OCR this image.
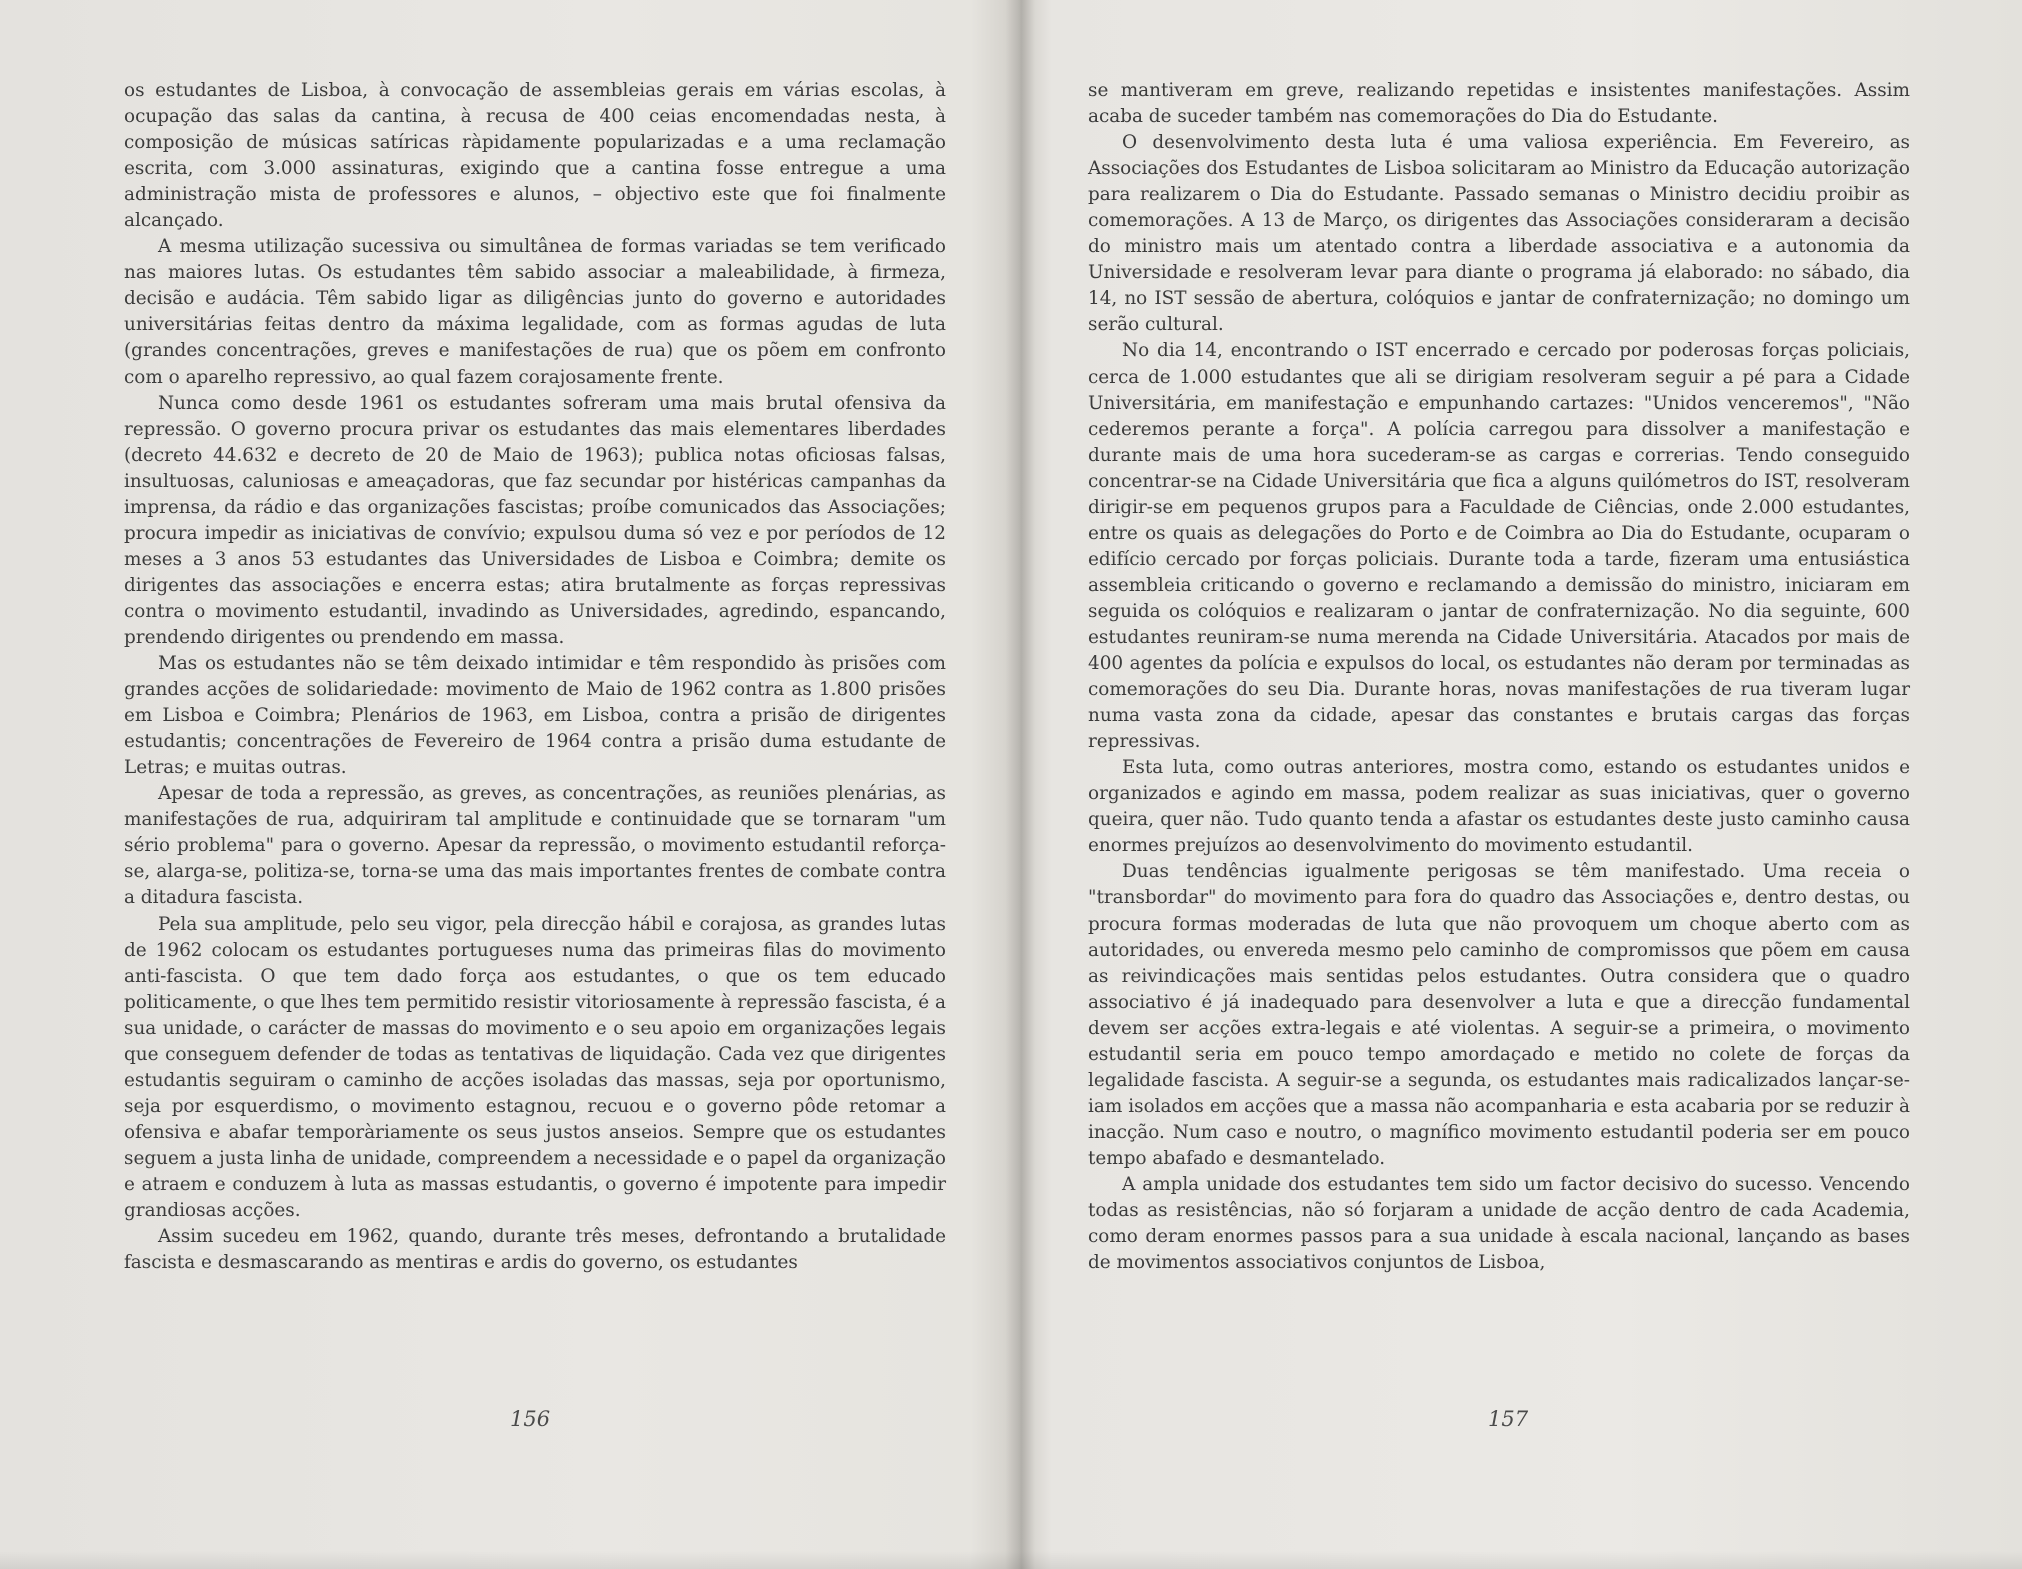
os estudantes de Lisboa, à convocação de assembleias gerais em várias escolas, à ocupação das salas da cantina, à recusa de 400 ceias encomendadas nesta, à composição de músicas satíricas ràpidamente popularizadas e a uma reclamação escrita, com 3.000 assinaturas, exigindo que a cantina fosse entregue a uma administração mista de professores e alunos, – objectivo este que foi finalmente alcançado.

A mesma utilização sucessiva ou simultânea de formas variadas se tem verificado nas maiores lutas. Os estudantes têm sabido associar a maleabilidade, à firmeza, decisão e audácia. Têm sabido ligar as diligências junto do governo e autoridades universitárias feitas dentro da máxima legalidade, com as formas agudas de luta (grandes concentrações, greves e manifestações de rua) que os põem em confronto com o aparelho repressivo, ao qual fazem corajosamente frente.

Nunca como desde 1961 os estudantes sofreram uma mais brutal ofensiva da repressão. O governo procura privar os estudantes das mais elementares liberdades (decreto 44.632 e decreto de 20 de Maio de 1963); publica notas oficiosas falsas, insultuosas, caluniosas e ameaçadoras, que faz secundar por histéricas campanhas da imprensa, da rádio e das organizações fascistas; proíbe comunicados das Associações; procura impedir as iniciativas de convívio; expulsou duma só vez e por períodos de 12 meses a 3 anos 53 estudantes das Universidades de Lisboa e Coimbra; demite os dirigentes das associações e encerra estas; atira brutalmente as forças repressivas contra o movimento estudantil, invadindo as Universidades, agredindo, espancando, prendendo dirigentes ou prendendo em massa.

Mas os estudantes não se têm deixado intimidar e têm respondido às prisões com grandes acções de solidariedade: movimento de Maio de 1962 contra as 1.800 prisões em Lisboa e Coimbra; Plenários de 1963, em Lisboa, contra a prisão de dirigentes estudantis; concentrações de Fevereiro de 1964 contra a prisão duma estudante de Letras; e muitas outras.

Apesar de toda a repressão, as greves, as concentrações, as reuniões plenárias, as manifestações de rua, adquiriram tal amplitude e continuidade que se tornaram "um sério problema" para o governo. Apesar da repressão, o movimento estudantil reforça-se, alarga-se, politiza-se, torna-se uma das mais importantes frentes de combate contra a ditadura fascista.

Pela sua amplitude, pelo seu vigor, pela direcção hábil e corajosa, as grandes lutas de 1962 colocam os estudantes portugueses numa das primeiras filas do movimento anti-fascista. O que tem dado força aos estudantes, o que os tem educado politicamente, o que lhes tem permitido resistir vitoriosamente à repressão fascista, é a sua unidade, o carácter de massas do movimento e o seu apoio em organizações legais que conseguem defender de todas as tentativas de liquidação. Cada vez que dirigentes estudantis seguiram o caminho de acções isoladas das massas, seja por oportunismo, seja por esquerdismo, o movimento estagnou, recuou e o governo pôde retomar a ofensiva e abafar temporàriamente os seus justos anseios. Sempre que os estudantes seguem a justa linha de unidade, compreendem a necessidade e o papel da organização e atraem e conduzem à luta as massas estudantis, o governo é impotente para impedir grandiosas acções.

Assim sucedeu em 1962, quando, durante três meses, defrontando a brutalidade fascista e desmascarando as mentiras e ardis do governo, os estudantes

156

se mantiveram em greve, realizando repetidas e insistentes manifestações. Assim acaba de suceder também nas comemorações do Dia do Estudante.

O desenvolvimento desta luta é uma valiosa experiência. Em Fevereiro, as Associações dos Estudantes de Lisboa solicitaram ao Ministro da Educação autorização para realizarem o Dia do Estudante. Passado semanas o Ministro decidiu proibir as comemorações. A 13 de Março, os dirigentes das Associações consideraram a decisão do ministro mais um atentado contra a liberdade associativa e a autonomia da Universidade e resolveram levar para diante o programa já elaborado: no sábado, dia 14, no IST sessão de abertura, colóquios e jantar de confraternização; no domingo um serão cultural.

No dia 14, encontrando o IST encerrado e cercado por poderosas forças policiais, cerca de 1.000 estudantes que ali se dirigiam resolveram seguir a pé para a Cidade Universitária, em manifestação e empunhando cartazes: "Unidos venceremos", "Não cederemos perante a força". A polícia carregou para dissolver a manifestação e durante mais de uma hora sucederam-se as cargas e correrias. Tendo conseguido concentrar-se na Cidade Universitária que fica a alguns quilómetros do IST, resolveram dirigir-se em pequenos grupos para a Faculdade de Ciências, onde 2.000 estudantes, entre os quais as delegações do Porto e de Coimbra ao Dia do Estudante, ocuparam o edifício cercado por forças policiais. Durante toda a tarde, fizeram uma entusiástica assembleia criticando o governo e reclamando a demissão do ministro, iniciaram em seguida os colóquios e realizaram o jantar de confraternização. No dia seguinte, 600 estudantes reuniram-se numa merenda na Cidade Universitária. Atacados por mais de 400 agentes da polícia e expulsos do local, os estudantes não deram por terminadas as comemorações do seu Dia. Durante horas, novas manifestações de rua tiveram lugar numa vasta zona da cidade, apesar das constantes e brutais cargas das forças repressivas.

Esta luta, como outras anteriores, mostra como, estando os estudantes unidos e organizados e agindo em massa, podem realizar as suas iniciativas, quer o governo queira, quer não. Tudo quanto tenda a afastar os estudantes deste justo caminho causa enormes prejuízos ao desenvolvimento do movimento estudantil.

Duas tendências igualmente perigosas se têm manifestado. Uma receia o "transbordar" do movimento para fora do quadro das Associações e, dentro destas, ou procura formas moderadas de luta que não provoquem um choque aberto com as autoridades, ou envereda mesmo pelo caminho de compromissos que põem em causa as reivindicações mais sentidas pelos estudantes. Outra considera que o quadro associativo é já inadequado para desenvolver a luta e que a direcção fundamental devem ser acções extra-legais e até violentas. A seguir-se a primeira, o movimento estudantil seria em pouco tempo amordaçado e metido no colete de forças da legalidade fascista. A seguir-se a segunda, os estudantes mais radicalizados lançar-se-iam isolados em acções que a massa não acompanharia e esta acabaria por se reduzir à inacção. Num caso e noutro, o magnífico movimento estudantil poderia ser em pouco tempo abafado e desmantelado.

A ampla unidade dos estudantes tem sido um factor decisivo do sucesso. Vencendo todas as resistências, não só forjaram a unidade de acção dentro de cada Academia, como deram enormes passos para a sua unidade à escala nacional, lançando as bases de movimentos associativos conjuntos de Lisboa,

157
